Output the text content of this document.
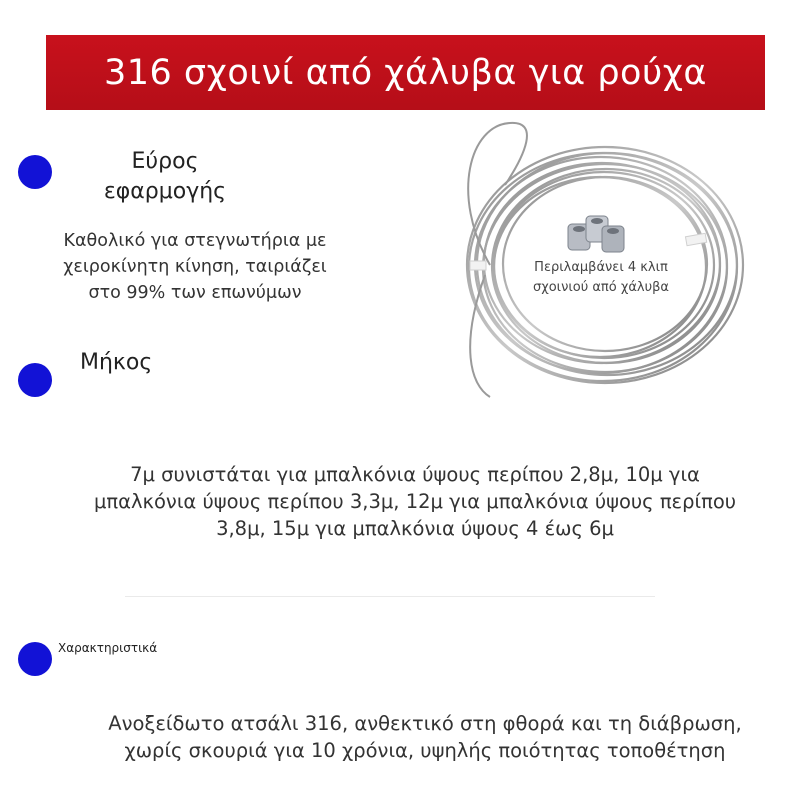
316 σχοινί από χάλυβα για ρούχα
Εύρος
εφαρμογής
Καθολικό για στεγνωτήρια με
χειροκίνητη κίνηση, ταιριάζει
στο 99% των επωνύμων
Περιλαμβάνει 4 κλιπ
σχοινιού από χάλυβα
Μήκος
7μ συνιστάται για μπαλκόνια ύψους περίπου 2,8μ, 10μ για
μπαλκόνια ύψους περίπου 3,3μ, 12μ για μπαλκόνια ύψους περίπου
3,8μ, 15μ για μπαλκόνια ύψους 4 έως 6μ
Χαρακτηριστικά
Ανοξείδωτο ατσάλι 316, ανθεκτικό στη φθορά και τη διάβρωση,
χωρίς σκουριά για 10 χρόνια, υψηλής ποιότητας τοποθέτηση
